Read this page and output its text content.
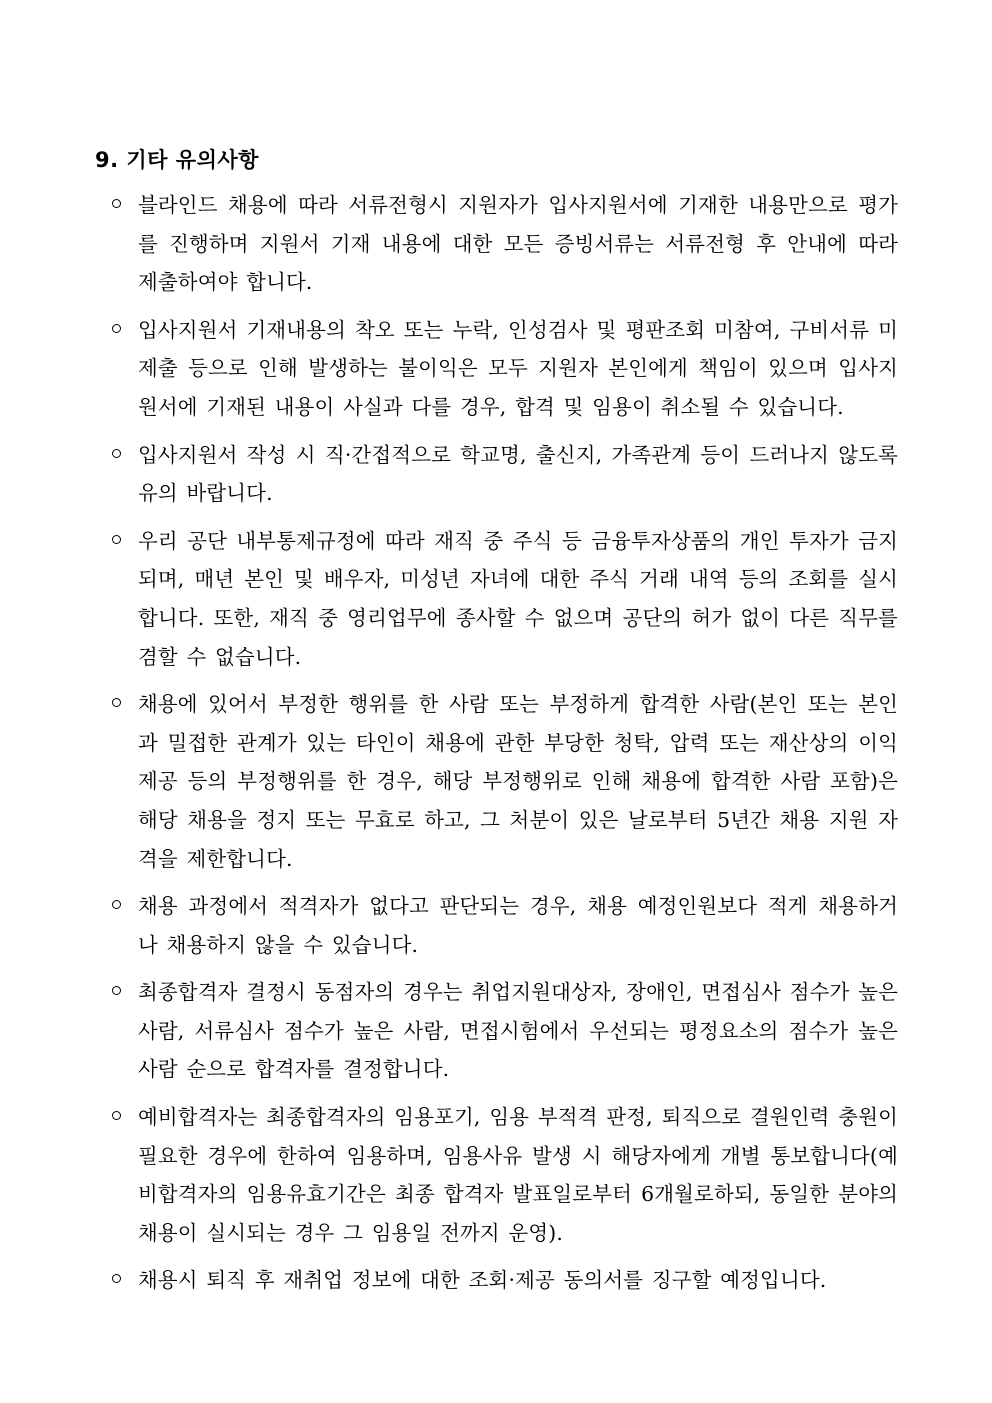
9. 기타 유의사항
블라인드 채용에 따라 서류전형시 지원자가 입사지원서에 기재한 내용만으로 평가를 진행하며 지원서 기재 내용에 대한 모든 증빙서류는 서류전형 후 안내에 따라 제출하여야 합니다.
입사지원서 기재내용의 착오 또는 누락, 인성검사 및 평판조회 미참여, 구비서류 미제출 등으로 인해 발생하는 불이익은 모두 지원자 본인에게 책임이 있으며 입사지원서에 기재된 내용이 사실과 다를 경우, 합격 및 임용이 취소될 수 있습니다.
입사지원서 작성 시 직·간접적으로 학교명, 출신지, 가족관계 등이 드러나지 않도록 유의 바랍니다.
우리 공단 내부통제규정에 따라 재직 중 주식 등 금융투자상품의 개인 투자가 금지되며, 매년 본인 및 배우자, 미성년 자녀에 대한 주식 거래 내역 등의 조회를 실시합니다. 또한, 재직 중 영리업무에 종사할 수 없으며 공단의 허가 없이 다른 직무를 겸할 수 없습니다.
채용에 있어서 부정한 행위를 한 사람 또는 부정하게 합격한 사람(본인 또는 본인과 밀접한 관계가 있는 타인이 채용에 관한 부당한 청탁, 압력 또는 재산상의 이익 제공 등의 부정행위를 한 경우, 해당 부정행위로 인해 채용에 합격한 사람 포함)은 해당 채용을 정지 또는 무효로 하고, 그 처분이 있은 날로부터 5년간 채용 지원 자격을 제한합니다.
채용 과정에서 적격자가 없다고 판단되는 경우, 채용 예정인원보다 적게 채용하거나 채용하지 않을 수 있습니다.
최종합격자 결정시 동점자의 경우는 취업지원대상자, 장애인, 면접심사 점수가 높은 사람, 서류심사 점수가 높은 사람, 면접시험에서 우선되는 평정요소의 점수가 높은 사람 순으로 합격자를 결정합니다.
예비합격자는 최종합격자의 임용포기, 임용 부적격 판정, 퇴직으로 결원인력 충원이 필요한 경우에 한하여 임용하며, 임용사유 발생 시 해당자에게 개별 통보합니다(예비합격자의 임용유효기간은 최종 합격자 발표일로부터 6개월로하되, 동일한 분야의 채용이 실시되는 경우 그 임용일 전까지 운영).
채용시 퇴직 후 재취업 정보에 대한 조회·제공 동의서를 징구할 예정입니다.
